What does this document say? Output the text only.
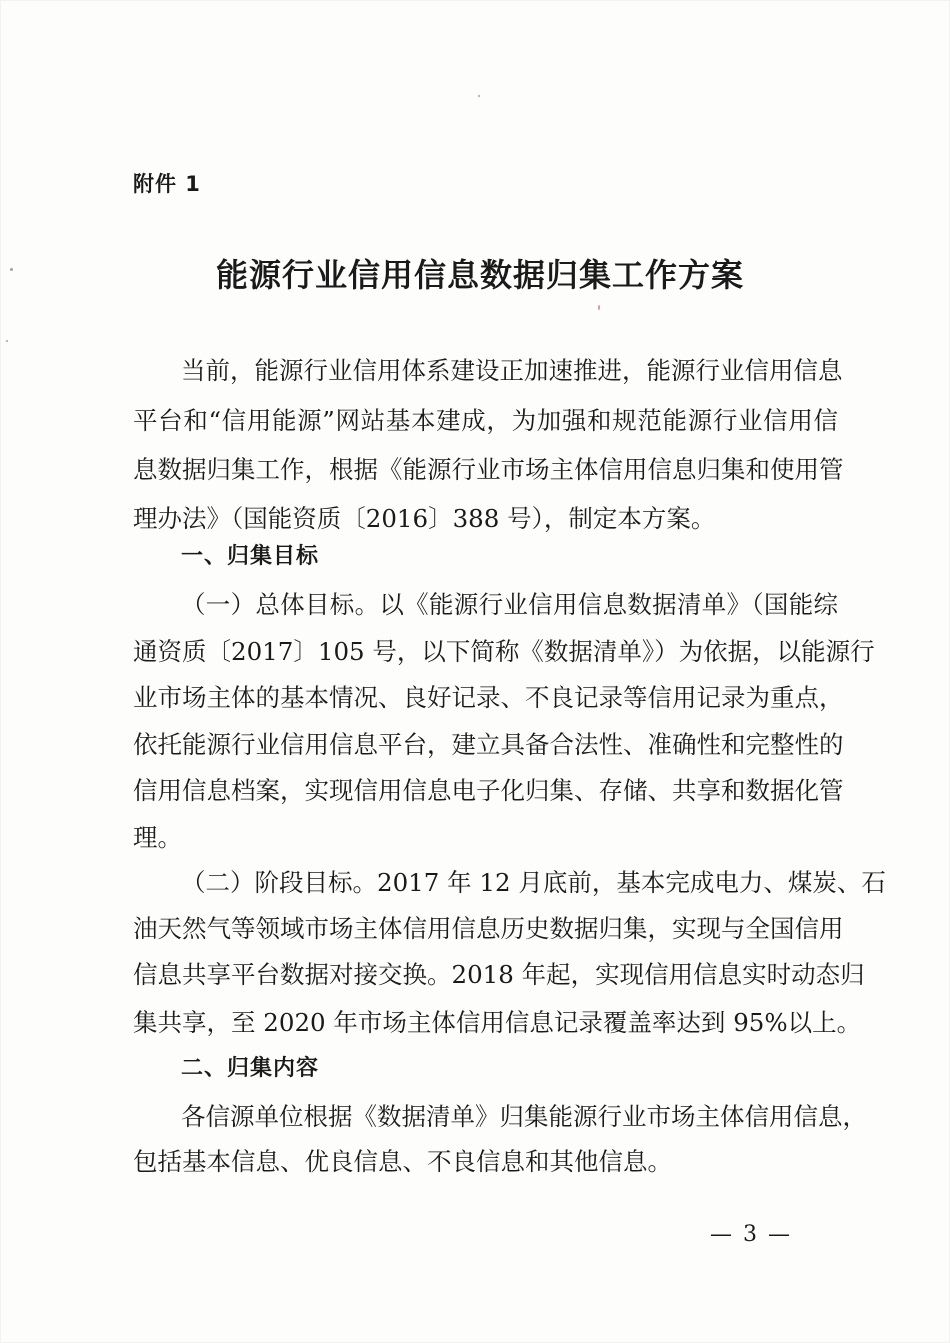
附件 1
能源行业信用信息数据归集工作方案
当前，能源行业信用体系建设正加速推进，能源行业信用信息
平台和“信用能源”网站基本建成，为加强和规范能源行业信用信
息数据归集工作，根据《能源行业市场主体信用信息归集和使用管
理办法》（国能资质〔2016〕388 号），制定本方案。
一、归集目标
（一）总体目标。以《能源行业信用信息数据清单》（国能综
通资质〔2017〕105 号，以下简称《数据清单》）为依据，以能源行
业市场主体的基本情况、良好记录、不良记录等信用记录为重点，
依托能源行业信用信息平台，建立具备合法性、准确性和完整性的
信用信息档案，实现信用信息电子化归集、存储、共享和数据化管
理。
（二）阶段目标。2017 年 12 月底前，基本完成电力、煤炭、石
油天然气等领域市场主体信用信息历史数据归集，实现与全国信用
信息共享平台数据对接交换。2018 年起，实现信用信息实时动态归
集共享，至 2020 年市场主体信用信息记录覆盖率达到 95%以上。
二、归集内容
各信源单位根据《数据清单》归集能源行业市场主体信用信息，
包括基本信息、优良信息、不良信息和其他信息。
— 3 —
